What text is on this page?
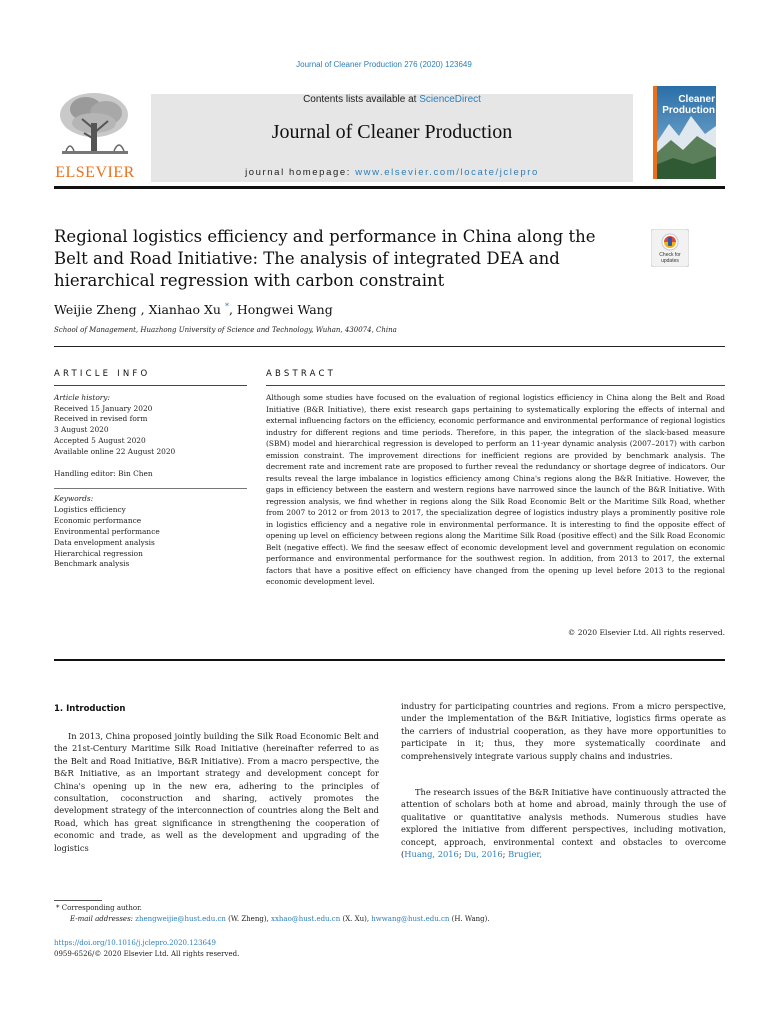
Journal of Cleaner Production 276 (2020) 123649
ELSEVIER
Contents lists available at ScienceDirect
Journal of Cleaner Production
journal homepage: www.elsevier.com/locate/jclepro
Cleaner
Production
Regional logistics efficiency and performance in China along the Belt and Road Initiative: The analysis of integrated DEA and hierarchical regression with carbon constraint
Check for
updates
Weijie Zheng , Xianhao Xu *, Hongwei Wang
School of Management, Huazhong University of Science and Technology, Wuhan, 430074, China
ARTICLE INFO	ABSTRACT
Article history:
Received 15 January 2020
Received in revised form
3 August 2020
Accepted 5 August 2020
Available online 22 August 2020
Handling editor: Bin Chen
Keywords:
Logistics efficiency
Economic performance
Environmental performance
Data envelopment analysis
Hierarchical regression
Benchmark analysis
Although some studies have focused on the evaluation of regional logistics efficiency in China along the Belt and Road Initiative (B&R Initiative), there exist research gaps pertaining to systematically exploring the effects of internal and external influencing factors on the efficiency, economic performance and environmental performance of regional logistics industry for different regions and time periods. Therefore, in this paper, the integration of the slack-based measure (SBM) model and hierarchical regression is developed to perform an 11-year dynamic analysis (2007–2017) with carbon emission constraint. The improvement directions for inefficient regions are provided by benchmark analysis. The decrement rate and increment rate are proposed to further reveal the redundancy or shortage degree of indicators. Our results reveal the large imbalance in logistics efficiency among China's regions along the B&R Initiative. However, the gaps in efficiency between the eastern and western regions have narrowed since the launch of the B&R Initiative. With regression analysis, we find whether in regions along the Silk Road Economic Belt or the Maritime Silk Road, whether from 2007 to 2012 or from 2013 to 2017, the specialization degree of logistics industry plays a prominently positive role in logistics efficiency and a negative role in environmental performance. It is interesting to find the opposite effect of opening up level on efficiency between regions along the Maritime Silk Road (positive effect) and the Silk Road Economic Belt (negative effect). We find the seesaw effect of economic development level and government regulation on economic performance and environmental performance for the southwest region. In addition, from 2013 to 2017, the external factors that have a positive effect on efficiency have changed from the opening up level before 2013 to the regional economic development level.
© 2020 Elsevier Ltd. All rights reserved.
1. Introduction
In 2013, China proposed jointly building the Silk Road Economic Belt and the 21st-Century Maritime Silk Road Initiative (hereinafter referred to as the Belt and Road Initiative, B&R Initiative). From a macro perspective, the B&R Initiative, as an important strategy and development concept for China's opening up in the new era, adhering to the principles of consultation, coconstruction and sharing, actively promotes the development strategy of the interconnection of countries along the Belt and Road, which has great significance in strengthening the cooperation of economic and trade, as well as the development and upgrading of the logistics
industry for participating countries and regions. From a micro perspective, under the implementation of the B&R Initiative, logistics firms operate as the carriers of industrial cooperation, as they have more opportunities to participate in it; thus, they more systematically coordinate and comprehensively integrate various supply chains and industries.
The research issues of the B&R Initiative have continuously attracted the attention of scholars both at home and abroad, mainly through the use of qualitative or quantitative analysis methods. Numerous studies have explored the initiative from different perspectives, including motivation, concept, approach, environmental context and obstacles to overcome (Huang, 2016; Du, 2016; Brugier,
* Corresponding author.
E-mail addresses: zhengweijie@hust.edu.cn (W. Zheng), xxhao@hust.edu.cn (X. Xu), hwwang@hust.edu.cn (H. Wang).
https://doi.org/10.1016/j.jclepro.2020.123649
0959-6526/© 2020 Elsevier Ltd. All rights reserved.
